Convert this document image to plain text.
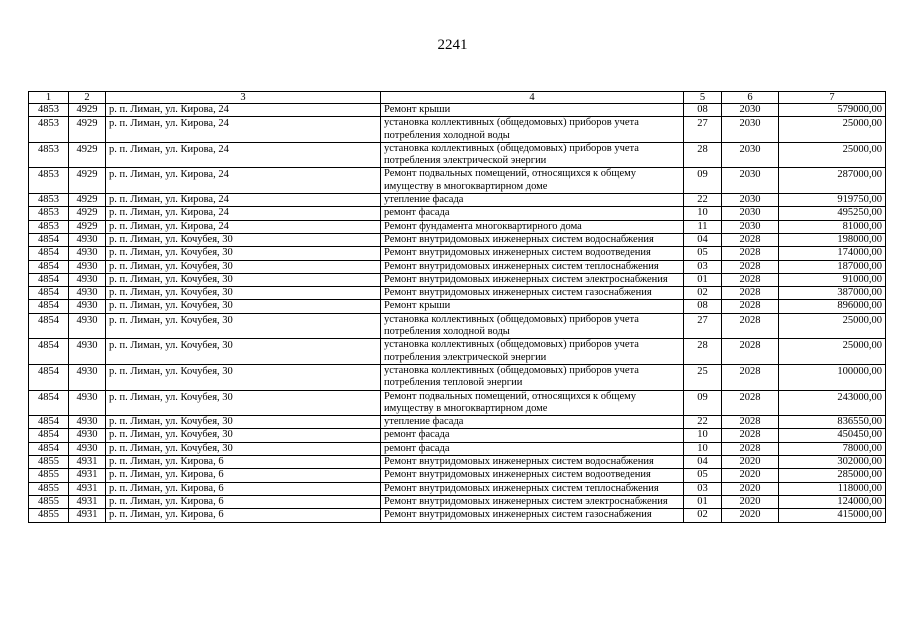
2241
1	2	3	4	5	6	7
4853	4929	р. п. Лиман, ул. Кирова, 24	Ремонт крыши	08	2030	579000,00
4853	4929	р. п. Лиман, ул. Кирова, 24	установка коллективных (общедомовых) приборов учета потребления холодной воды	27	2030	25000,00
4853	4929	р. п. Лиман, ул. Кирова, 24	установка коллективных (общедомовых) приборов учета потребления электрической энергии	28	2030	25000,00
4853	4929	р. п. Лиман, ул. Кирова, 24	Ремонт подвальных помещений, относящихся к общему имуществу в многоквартирном доме	09	2030	287000,00
4853	4929	р. п. Лиман, ул. Кирова, 24	утепление фасада	22	2030	919750,00
4853	4929	р. п. Лиман, ул. Кирова, 24	ремонт фасада	10	2030	495250,00
4853	4929	р. п. Лиман, ул. Кирова, 24	Ремонт фундамента многоквартирного дома	11	2030	81000,00
4854	4930	р. п. Лиман, ул. Кочубея, 30	Ремонт внутридомовых инженерных систем водоснабжения	04	2028	198000,00
4854	4930	р. п. Лиман, ул. Кочубея, 30	Ремонт внутридомовых инженерных систем водоотведения	05	2028	174000,00
4854	4930	р. п. Лиман, ул. Кочубея, 30	Ремонт внутридомовых инженерных систем теплоснабжения	03	2028	187000,00
4854	4930	р. п. Лиман, ул. Кочубея, 30	Ремонт внутридомовых инженерных систем электроснабжения	01	2028	91000,00
4854	4930	р. п. Лиман, ул. Кочубея, 30	Ремонт внутридомовых инженерных систем газоснабжения	02	2028	387000,00
4854	4930	р. п. Лиман, ул. Кочубея, 30	Ремонт крыши	08	2028	896000,00
4854	4930	р. п. Лиман, ул. Кочубея, 30	установка коллективных (общедомовых) приборов учета потребления холодной воды	27	2028	25000,00
4854	4930	р. п. Лиман, ул. Кочубея, 30	установка коллективных (общедомовых) приборов учета потребления электрической энергии	28	2028	25000,00
4854	4930	р. п. Лиман, ул. Кочубея, 30	установка коллективных (общедомовых) приборов учета потребления тепловой энергии	25	2028	100000,00
4854	4930	р. п. Лиман, ул. Кочубея, 30	Ремонт подвальных помещений, относящихся к общему имуществу в многоквартирном доме	09	2028	243000,00
4854	4930	р. п. Лиман, ул. Кочубея, 30	утепление фасада	22	2028	836550,00
4854	4930	р. п. Лиман, ул. Кочубея, 30	ремонт фасада	10	2028	450450,00
4854	4930	р. п. Лиман, ул. Кочубея, 30	ремонт фасада	10	2028	78000,00
4855	4931	р. п. Лиман, ул. Кирова, 6	Ремонт внутридомовых инженерных систем водоснабжения	04	2020	302000,00
4855	4931	р. п. Лиман, ул. Кирова, 6	Ремонт внутридомовых инженерных систем водоотведения	05	2020	285000,00
4855	4931	р. п. Лиман, ул. Кирова, 6	Ремонт внутридомовых инженерных систем теплоснабжения	03	2020	118000,00
4855	4931	р. п. Лиман, ул. Кирова, 6	Ремонт внутридомовых инженерных систем электроснабжения	01	2020	124000,00
4855	4931	р. п. Лиман, ул. Кирова, 6	Ремонт внутридомовых инженерных систем газоснабжения	02	2020	415000,00
